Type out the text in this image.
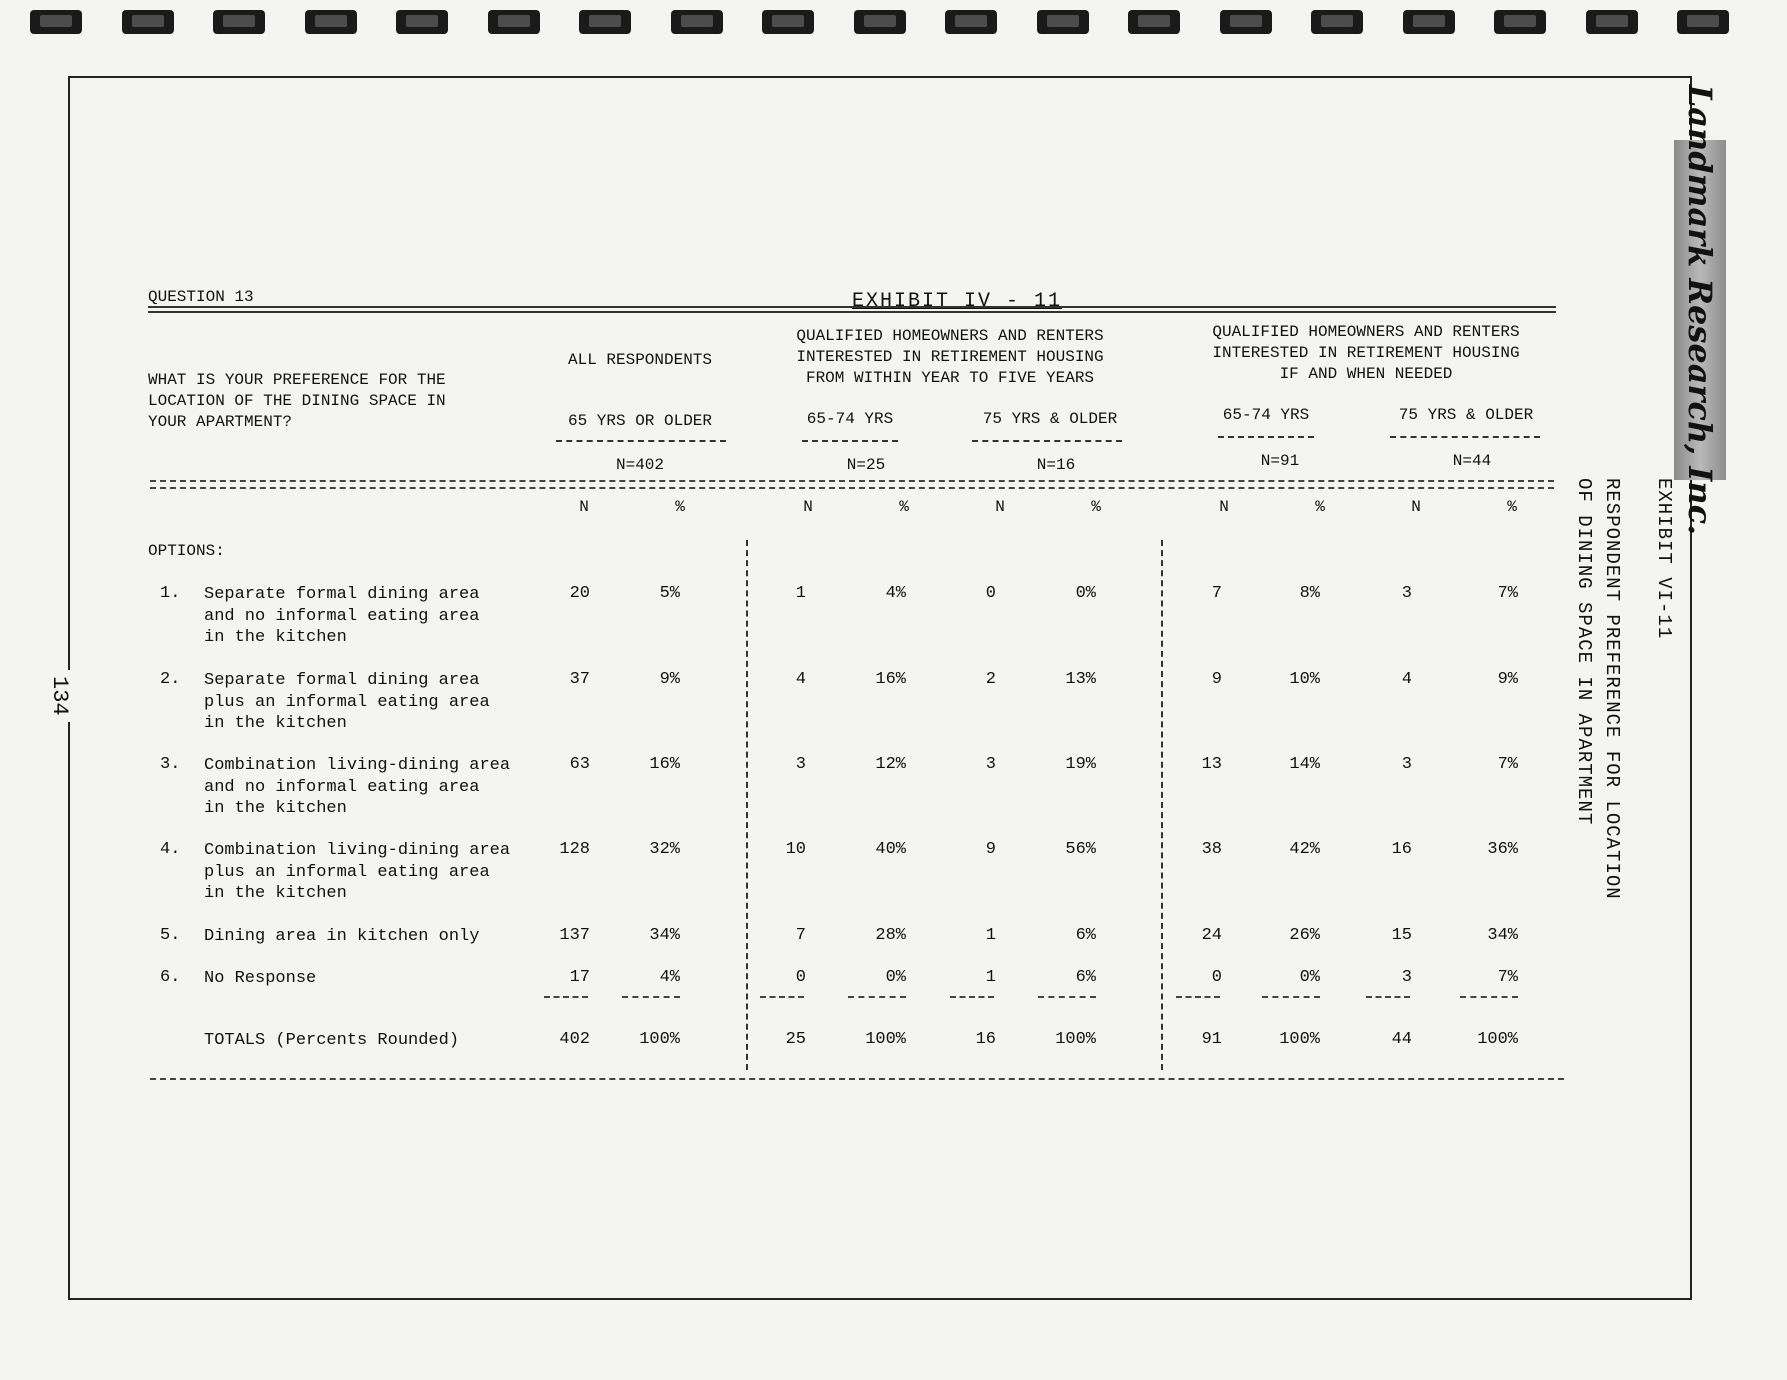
134
Landmark Research, Inc.
EXHIBIT VI-11
RESPONDENT PREFERENCE FOR LOCATION
OF DINING SPACE IN APARTMENT
QUESTION 13	EXHIBIT IV - 11
WHAT IS YOUR PREFERENCE FOR THE
LOCATION OF THE DINING SPACE IN
YOUR APARTMENT?
ALL RESPONDENTS
QUALIFIED HOMEOWNERS AND RENTERS
INTERESTED IN RETIREMENT HOUSING
FROM WITHIN YEAR TO FIVE YEARS
QUALIFIED HOMEOWNERS AND RENTERS
INTERESTED IN RETIREMENT HOUSING
IF AND WHEN NEEDED
65 YRS OR OLDER	65-74 YRS	75 YRS & OLDER	65-74 YRS	75 YRS & OLDER
N=402	N=25	N=16	N=91	N=44
N	%	N	%	N	%	N	%	N	%
OPTIONS:
1. Separate formal dining area
and no informal eating area
in the kitchen
20	5%	1	4%	0	0%	7	8%	3	7%
2. Separate formal dining area
plus an informal eating area
in the kitchen
37	9%	4	16%	2	13%	9	10%	4	9%
3. Combination living-dining area
and no informal eating area
in the kitchen
63	16%	3	12%	3	19%	13	14%	3	7%
4. Combination living-dining area
plus an informal eating area
in the kitchen
128	32%	10	40%	9	56%	38	42%	16	36%
5. Dining area in kitchen only	137	34%	7	28%	1	6%	24	26%	15	34%
6. No Response	17	4%	0	0%	1	6%	0	0%	3	7%
TOTALS (Percents Rounded)	402	100%	25	100%	16	100%	91	100%	44	100%
